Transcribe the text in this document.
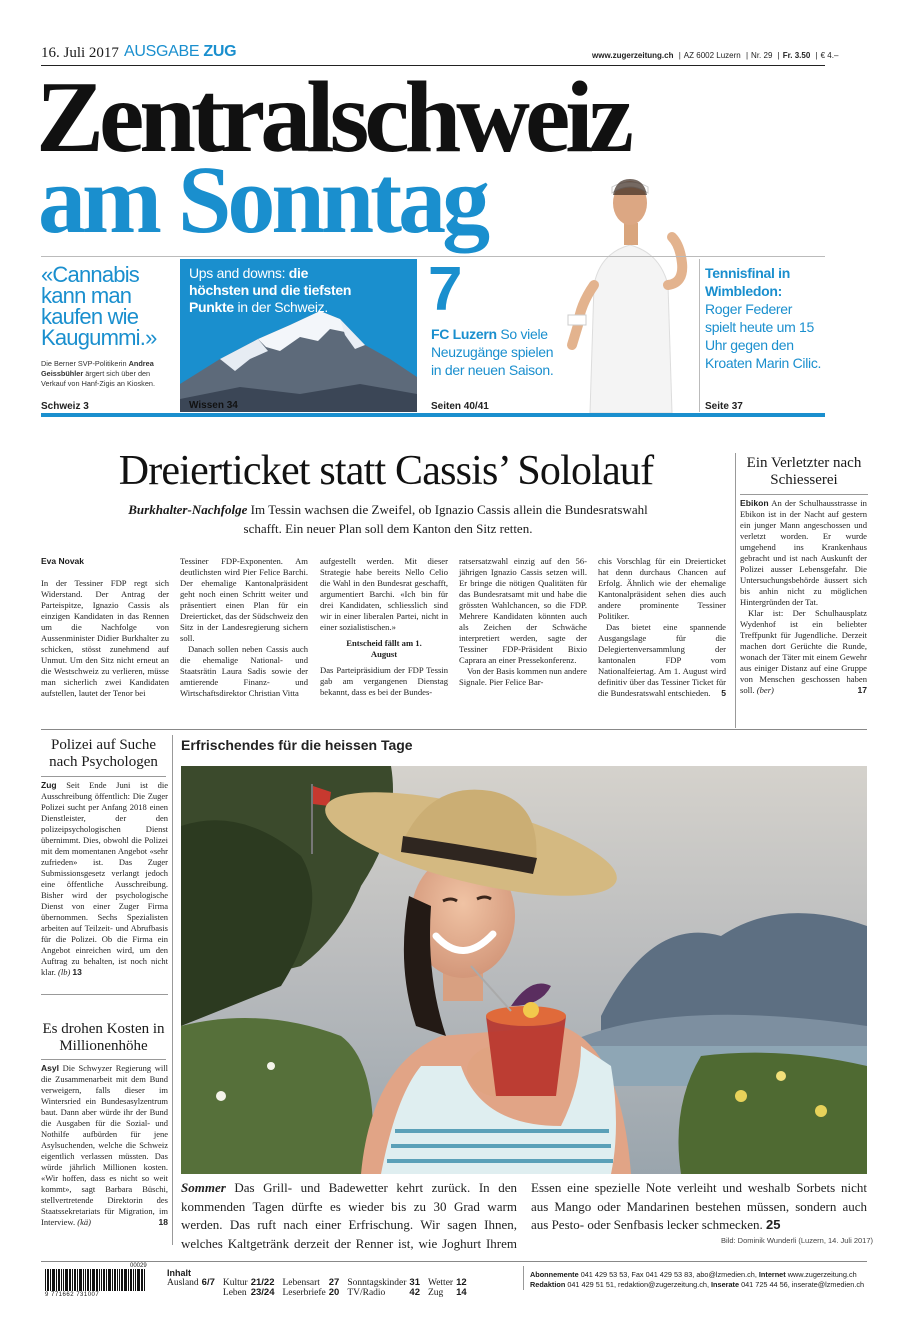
16. Juli 2017 AUSGABE ZUG	www.zugerzeitung.ch | AZ 6002 Luzern | Nr. 29 | Fr. 3.50 | € 4.–
Zentralschweiz
am Sonntag
«Cannabis kann man kaufen wie Kaugummi.»
Die Berner SVP-Politikerin Andrea Geissbühler ärgert sich über den Verkauf von Hanf-Zigis an Kiosken.
Schweiz 3
Ups and downs: die höchsten und die tiefsten Punkte in der Schweiz.
Wissen 34
7
FC Luzern So viele Neuzugänge spielen in der neuen Saison.
Seiten 40/41
Tennisfinal in Wimbledon:
Roger Federer spielt heute um 15 Uhr gegen den Kroaten Marin Cilic.
Seite 37
Dreierticket statt Cassis’ Sololauf
Burkhalter-Nachfolge Im Tessin wachsen die Zweifel, ob Ignazio Cassis allein die Bundesratswahl schafft. Ein neuer Plan soll dem Kanton den Sitz retten.
Eva Novak

In der Tessiner FDP regt sich Widerstand. Der Antrag der Parteispitze, Ignazio Cassis als einzigen Kandidaten in das Rennen um die Nachfolge von Aussenminister Didier Burkhalter zu schicken, stösst zunehmend auf Unmut. Um den Sitz nicht erneut an die Westschweiz zu verlieren, müsse man sicherlich zwei Kandidaten aufstellen, lautet der Tenor bei

Tessiner FDP-Exponenten. Am deutlichsten wird Pier Felice Barchi. Der ehemalige Kantonalpräsident geht noch einen Schritt weiter und präsentiert einen Plan für ein Dreierticket, das der Südschweiz den Sitz in der Landesregierung sichern soll.

Danach sollen neben Cassis auch die ehemalige National- und Staatsrätin Laura Sadis sowie der amtierende Finanz- und Wirtschaftsdirektor Christian Vitta

aufgestellt werden. Mit dieser Strategie habe bereits Nello Celio die Wahl in den Bundesrat geschafft, argumentiert Barchi. «Ich bin für drei Kandidaten, schliesslich sind wir in einer liberalen Partei, nicht in einer sozialistischen.»

Entscheid fällt am 1. August

Das Parteipräsidium der FDP Tessin gab am vergangenen Dienstag bekannt, dass es bei der Bundes-

ratsersatzwahl einzig auf den 56-jährigen Ignazio Cassis setzen will. Er bringe die nötigen Qualitäten für das Bundesratsamt mit und habe die grössten Wahlchancen, so die FDP. Mehrere Kandidaten könnten auch als Zeichen der Schwäche interpretiert werden, sagte der Tessiner FDP-Präsident Bixio Caprara an einer Pressekonferenz.

Von der Basis kommen nun andere Signale. Pier Felice Bar-

chis Vorschlag für ein Dreierticket hat denn durchaus Chancen auf Erfolg. Ähnlich wie der ehemalige Kantonalpräsident sehen dies auch andere prominente Tessiner Politiker.

Das bietet eine spannende Ausgangslage für die Delegiertenversammlung der kantonalen FDP vom Nationalfeiertag. Am 1. August wird definitiv über das Tessiner Ticket für die Bundesratswahl entschieden.	5
Ein Verletzter nach Schiesserei

Ebikon An der Schulhausstrasse in Ebikon ist in der Nacht auf gestern ein junger Mann angeschossen und verletzt worden. Er wurde umgehend ins Krankenhaus gebracht und ist nach Auskunft der Polizei ausser Lebensgefahr. Die Untersuchungsbehörde äussert sich bis anhin nicht zu möglichen Hintergründen der Tat.

Klar ist: Der Schulhausplatz Wydenhof ist ein beliebter Treffpunkt für Jugendliche. Derzeit machen dort Gerüchte die Runde, wonach der Täter mit einem Gewehr aus einiger Distanz auf eine Gruppe von Menschen geschossen haben soll. (ber)	17
Polizei auf Suche nach Psychologen

Zug Seit Ende Juni ist die Ausschreibung öffentlich: Die Zuger Polizei sucht per Anfang 2018 einen Dienstleister, der den polizeipsychologischen Dienst übernimmt. Dies, obwohl die Polizei mit dem momentanen Angebot «sehr zufrieden» ist. Das Zuger Submissionsgesetz verlangt jedoch eine öffentliche Ausschreibung. Bisher wird der psychologische Dienst von einer Zuger Firma übernommen. Sechs Spezialisten arbeiten auf Teilzeit- und Abrufbasis für die Polizei. Ob die Firma ein Angebot einreichen wird, um den Auftrag zu behalten, ist noch nicht klar. (lb) 13

Es drohen Kosten in Millionenhöhe

Asyl Die Schwyzer Regierung will die Zusammenarbeit mit dem Bund verweigern, falls dieser im Wintersried ein Bundesasylzentrum baut. Dann aber würde ihr der Bund die Ausgaben für die Sozial- und Nothilfe aufbürden für jene Asylsuchenden, welche die Schweiz eigentlich verlassen müssten. Das würde jährlich Millionen kosten. «Wir hoffen, dass es nicht so weit kommt», sagt Barbara Büschi, stellvertretende Direktorin des Staatssekretariats für Migration, im Interview. (kä)	18
Erfrischendes für die heissen Tage
Sommer Das Grill- und Badewetter kehrt zurück. In den kommenden Tagen dürfte es wieder bis zu 30 Grad warm werden. Das ruft nach einer Erfrischung. Wir sagen Ihnen, welches Kaltgetränk derzeit der Renner ist, wie Joghurt Ihrem Essen eine spezielle Note verleiht und weshalb Sorbets nicht aus Mango oder Mandarinen bestehen müssen, sondern auch aus Pesto- oder Senfbasis lecker schmecken. 25
Bild: Dominik Wunderli (Luzern, 14. Juli 2017)
00029
9 771662 731007
Inhalt
Ausland	6/7	Kultur	21/22	Lebensart	27	Sonntagskinder	31	Wetter	12
		Leben	23/24	Leserbriefe	20	TV/Radio	42	Zug	14
Abonnemente 041 429 53 53, Fax 041 429 53 83, abo@lzmedien.ch, Internet www.zugerzeitung.ch
Redaktion 041 429 51 51, redaktion@zugerzeitung.ch, Inserate 041 725 44 56, inserate@lzmedien.ch
